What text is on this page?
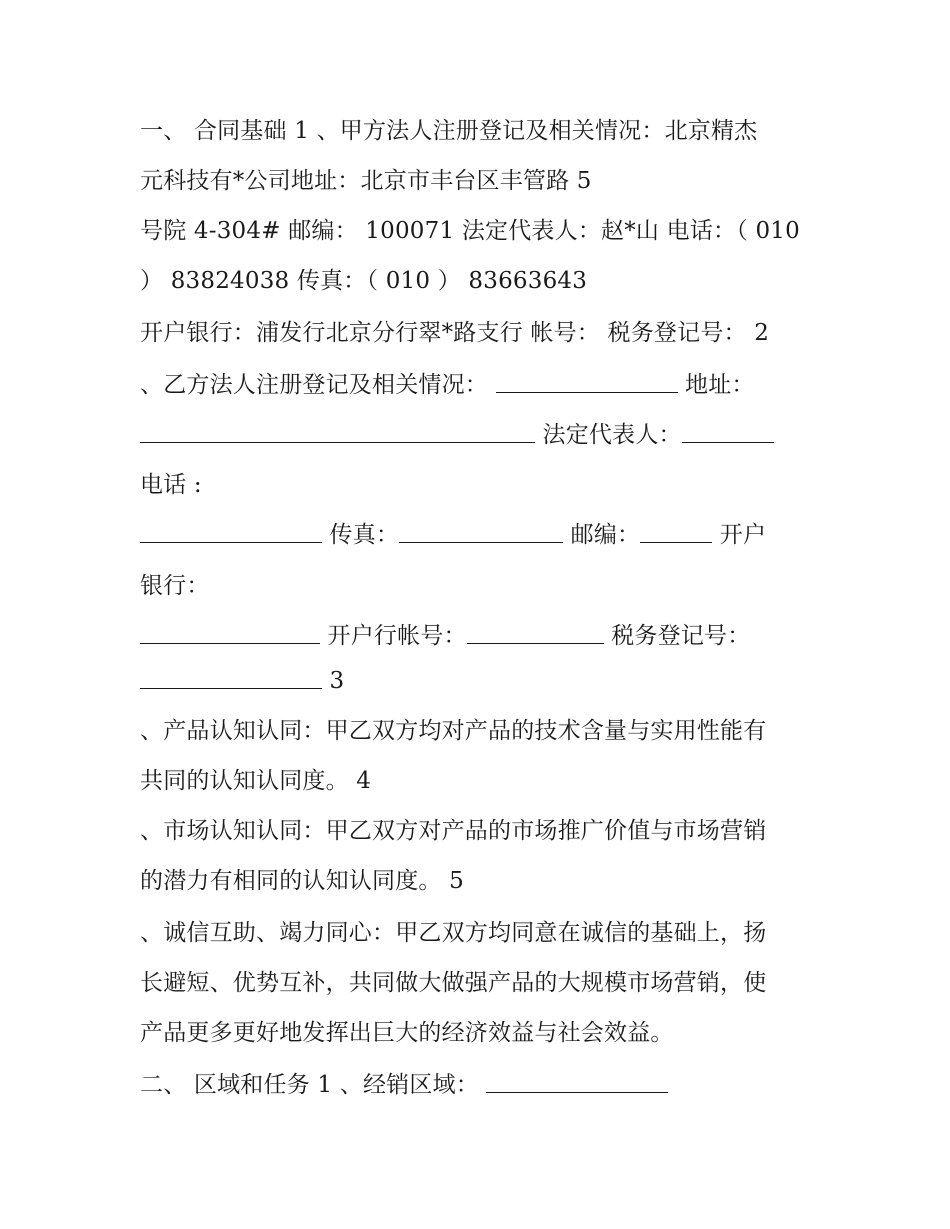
一、 合同基础 1 、甲方法人注册登记及相关情况：北京精杰
元科技有*公司地址：北京市丰台区丰管路 5
号院 4-304# 邮编： 100071 法定代表人：赵*山 电话：（ 010
） 83824038 传真：（ 010 ） 83663643
开户银行：浦发行北京分行翠*路支行 帐号： 税务登记号： 2
、乙方法人注册登记及相关情况：	地址：
法定代表人：
电话 :
传真：	邮编：	开户
银行：
开户行帐号：	税务登记号：
3
、产品认知认同：甲乙双方均对产品的技术含量与实用性能有
共同的认知认同度。 4
、市场认知认同：甲乙双方对产品的市场推广价值与市场营销
的潜力有相同的认知认同度。 5
、诚信互助、竭力同心：甲乙双方均同意在诚信的基础上，扬
长避短、优势互补，共同做大做强产品的大规模市场营销，使
产品更多更好地发挥出巨大的经济效益与社会效益。
二、 区域和任务 1 、经销区域：
